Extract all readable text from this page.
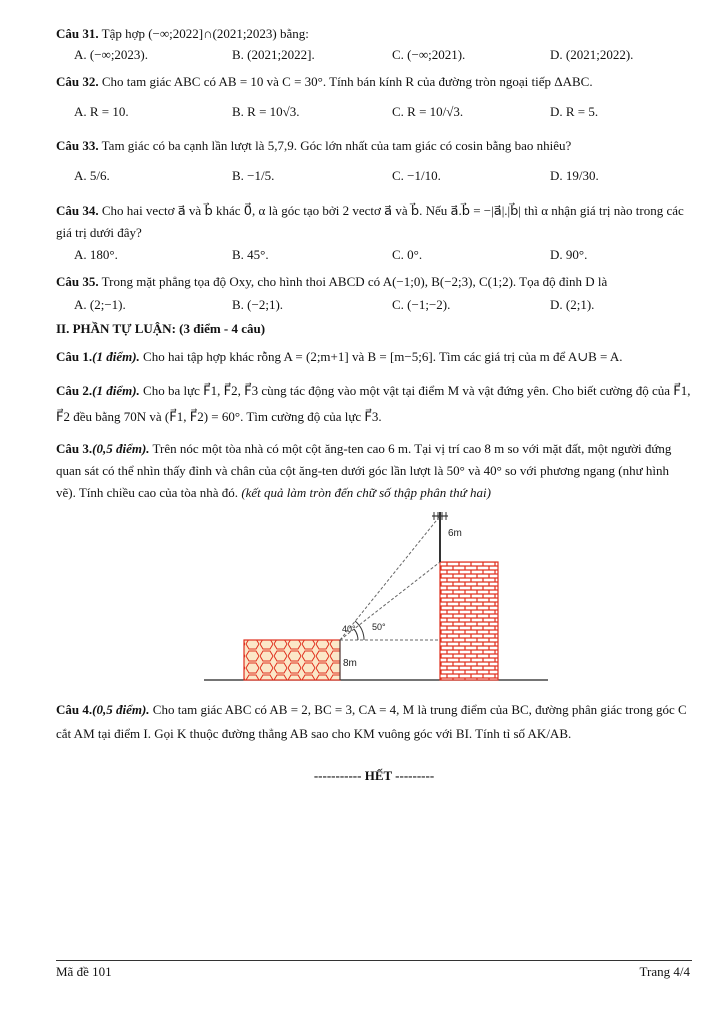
Câu 31. Tập hợp (−∞;2022]∩(2021;2023) bằng:
A. (−∞;2023).	B. (2021;2022].	C. (−∞;2021).	D. (2021;2022).
Câu 32. Cho tam giác ABC có AB = 10 và C = 30°. Tính bán kính R của đường tròn ngoại tiếp ΔABC.
A. R = 10.	B. R = 10√3.	C. R = 10/√3.	D. R = 5.
Câu 33. Tam giác có ba cạnh lần lượt là 5,7,9. Góc lớn nhất của tam giác có cosin bằng bao nhiêu?
A. 5/6.	B. −1/5.	C. −1/10.	D. 19/30.
Câu 34. Cho hai vectơ a⃗ và b⃗ khác 0⃗, α là góc tạo bởi 2 vectơ a⃗ và b⃗. Nếu a⃗.b⃗ = −|a⃗|.|b⃗| thì α nhận giá trị nào trong các giá trị dưới đây?
A. 180°.	B. 45°.	C. 0°.	D. 90°.
Câu 35. Trong mặt phẳng tọa độ Oxy, cho hình thoi ABCD có A(−1;0), B(−2;3), C(1;2). Tọa độ đỉnh D là
A. (2;−1).	B. (−2;1).	C. (−1;−2).	D. (2;1).
II. PHẦN TỰ LUẬN: (3 điểm - 4 câu)
Câu 1.(1 điểm). Cho hai tập hợp khác rỗng A = (2;m+1] và B = [m−5;6]. Tìm các giá trị của m để A∪B = A.
Câu 2.(1 điểm). Cho ba lực F⃗1, F⃗2, F⃗3 cùng tác động vào một vật tại điểm M và vật đứng yên. Cho biết cường độ của F⃗1, F⃗2 đều bằng 70N và (F⃗1, F⃗2) = 60°. Tìm cường độ của lực F⃗3.
Câu 3.(0,5 điểm). Trên nóc một tòa nhà có một cột ăng-ten cao 6 m. Tại vị trí cao 8 m so với mặt đất, một người đứng quan sát có thể nhìn thấy đỉnh và chân của cột ăng-ten dưới góc lần lượt là 50° và 40° so với phương ngang (như hình vẽ). Tính chiều cao của tòa nhà đó. (kết quả làm tròn đến chữ số thập phân thứ hai)
6m
40° 50°
8m
Câu 4.(0,5 điểm). Cho tam giác ABC có AB = 2, BC = 3, CA = 4, M là trung điểm của BC, đường phân giác trong góc C cắt AM tại điểm I. Gọi K thuộc đường thẳng AB sao cho KM vuông góc với BI. Tính tỉ số AK/AB.
----------- HẾT ---------
Mã đề 101	Trang 4/4
